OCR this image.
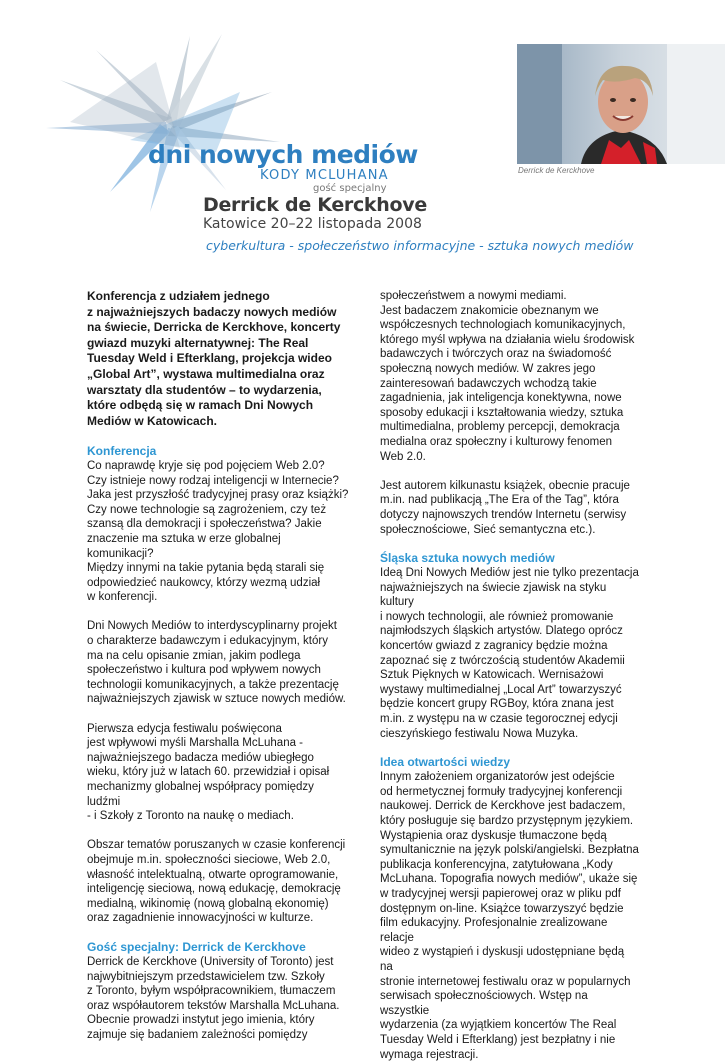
dni nowych mediów
KODY MCLUHANA
gość specjalny
Derrick de Kerckhove
Katowice 20–22 listopada 2008
cyberkultura - społeczeństwo informacyjne - sztuka nowych mediów
Derrick de Kerckhove

Konferencja z udziałem jednego
z najważniejszych badaczy nowych mediów
na świecie, Derricka de Kerckhove, koncerty
gwiazd muzyki alternatywnej: The Real
Tuesday Weld i Efterklang, projekcja wideo
„Global Art”, wystawa multimedialna oraz
warsztaty dla studentów – to wydarzenia,
które odbędą się w ramach Dni Nowych
Mediów w Katowicach.

Konferencja

Co naprawdę kryje się pod pojęciem Web 2.0?
Czy istnieje nowy rodzaj inteligencji w Internecie?
Jaka jest przyszłość tradycyjnej prasy oraz książki?
Czy nowe technologie są zagrożeniem, czy też
szansą dla demokracji i społeczeństwa? Jakie
znaczenie ma sztuka w erze globalnej komunikacji?
Między innymi na takie pytania będą starali się
odpowiedzieć naukowcy, którzy wezmą udział
w konferencji.

Dni Nowych Mediów to interdyscyplinarny projekt
o charakterze badawczym i edukacyjnym, który
ma na celu opisanie zmian, jakim podlega
społeczeństwo i kultura pod wpływem nowych
technologii komunikacyjnych, a także prezentację
najważniejszych zjawisk w sztuce nowych mediów.

Pierwsza edycja festiwalu poświęcona
jest wpływowi myśli Marshalla McLuhana -
najważniejszego badacza mediów ubiegłego
wieku, który już w latach 60. przewidział i opisał
mechanizmy globalnej współpracy pomiędzy ludźmi
- i Szkoły z Toronto na naukę o mediach.

Obszar tematów poruszanych w czasie konferencji
obejmuje m.in. społeczności sieciowe, Web 2.0,
własność intelektualną, otwarte oprogramowanie,
inteligencję sieciową, nową edukację, demokrację
medialną, wikinomię (nową globalną ekonomię)
oraz zagadnienie innowacyjności w kulturze.

Gość specjalny: Derrick de Kerckhove

Derrick de Kerckhove (University of Toronto) jest
najwybitniejszym przedstawicielem tzw. Szkoły
z Toronto, byłym współpracownikiem, tłumaczem
oraz współautorem tekstów Marshalla McLuhana.
Obecnie prowadzi instytut jego imienia, który
zajmuje się badaniem zależności pomiędzy

społeczeństwem a nowymi mediami.
Jest badaczem znakomicie obeznanym we
współczesnych technologiach komunikacyjnych,
którego myśl wpływa na działania wielu środowisk
badawczych i twórczych oraz na świadomość
społeczną nowych mediów. W zakres jego
zainteresowań badawczych wchodzą takie
zagadnienia, jak inteligencja konektywna, nowe
sposoby edukacji i kształtowania wiedzy, sztuka
multimedialna, problemy percepcji, demokracja
medialna oraz społeczny i kulturowy fenomen
Web 2.0.

Jest autorem kilkunastu książek, obecnie pracuje
m.in. nad publikacją „The Era of the Tag”, która
dotyczy najnowszych trendów Internetu (serwisy
społecznościowe, Sieć semantyczna etc.).

Śląska sztuka nowych mediów

Ideą Dni Nowych Mediów jest nie tylko prezentacja
najważniejszych na świecie zjawisk na styku kultury
i nowych technologii, ale również promowanie
najmłodszych śląskich artystów. Dlatego oprócz
koncertów gwiazd z zagranicy będzie można
zapoznać się z twórczością studentów Akademii
Sztuk Pięknych w Katowicach. Wernisażowi
wystawy multimedialnej „Local Art” towarzyszyć
będzie koncert grupy RGBoy, która znana jest
m.in. z występu na w czasie tegorocznej edycji
cieszyńskiego festiwalu Nowa Muzyka.

Idea otwartości wiedzy

Innym założeniem organizatorów jest odejście
od hermetycznej formuły tradycyjnej konferencji
naukowej. Derrick de Kerckhove jest badaczem,
który posługuje się bardzo przystępnym językiem.
Wystąpienia oraz dyskusje tłumaczone będą
symultanicznie na język polski/angielski. Bezpłatna
publikacja konferencyjna, zatytułowana „Kody
McLuhana. Topografia nowych mediów”, ukaże się
w tradycyjnej wersji papierowej oraz w pliku pdf
dostępnym on-line. Książce towarzyszyć będzie
film edukacyjny. Profesjonalnie zrealizowane relacje
wideo z wystąpień i dyskusji udostępniane będą na
stronie internetowej festiwalu oraz w popularnych
serwisach społecznościowych. Wstęp na wszystkie
wydarzenia (za wyjątkiem koncertów The Real
Tuesday Weld i Efterklang) jest bezpłatny i nie
wymaga rejestracji.
